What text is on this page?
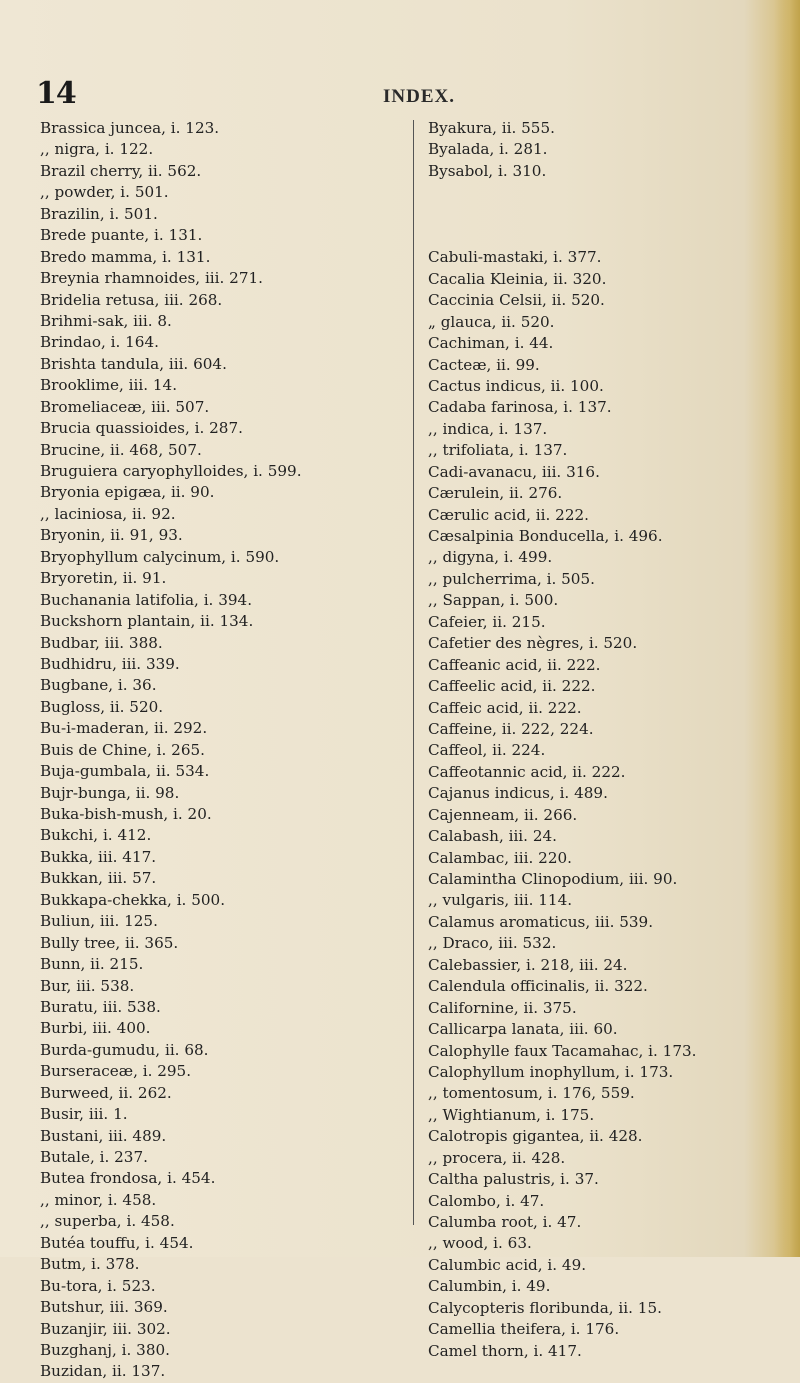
14	INDEX.
Brassica juncea, i. 123.
,, nigra, i. 122.
Brazil cherry, ii. 562.
,, powder, i. 501.
Brazilin, i. 501.
Brede puante, i. 131.
Bredo mamma, i. 131.
Breynia rhamnoides, iii. 271.
Bridelia retusa, iii. 268.
Brihmi-sak, iii. 8.
Brindao, i. 164.
Brishta tandula, iii. 604.
Brooklime, iii. 14.
Bromeliaceæ, iii. 507.
Brucia quassioides, i. 287.
Brucine, ii. 468, 507.
Bruguiera caryophylloides, i. 599.
Bryonia epigæa, ii. 90.
,, laciniosa, ii. 92.
Bryonin, ii. 91, 93.
Bryophyllum calycinum, i. 590.
Bryoretin, ii. 91.
Buchanania latifolia, i. 394.
Buckshorn plantain, ii. 134.
Budbar, iii. 388.
Budhidru, iii. 339.
Bugbane, i. 36.
Bugloss, ii. 520.
Bu-i-maderan, ii. 292.
Buis de Chine, i. 265.
Buja-gumbala, ii. 534.
Bujr-bunga, ii. 98.
Buka-bish-mush, i. 20.
Bukchi, i. 412.
Bukka, iii. 417.
Bukkan, iii. 57.
Bukkapa-chekka, i. 500.
Buliun, iii. 125.
Bully tree, ii. 365.
Bunn, ii. 215.
Bur, iii. 538.
Buratu, iii. 538.
Burbi, iii. 400.
Burda-gumudu, ii. 68.
Burseraceæ, i. 295.
Burweed, ii. 262.
Busir, iii. 1.
Bustani, iii. 489.
Butale, i. 237.
Butea frondosa, i. 454.
,, minor, i. 458.
,, superba, i. 458.
Butéa touffu, i. 454.
Butm, i. 378.
Bu-tora, i. 523.
Butshur, iii. 369.
Buzanjir, iii. 302.
Buzghanj, i. 380.
Buzidan, ii. 137.
Byakura, ii. 555.
Byalada, i. 281.
Bysabol, i. 310.
Cabuli-mastaki, i. 377.
Cacalia Kleinia, ii. 320.
Caccinia Celsii, ii. 520.
„ glauca, ii. 520.
Cachiman, i. 44.
Cacteæ, ii. 99.
Cactus indicus, ii. 100.
Cadaba farinosa, i. 137.
,, indica, i. 137.
,, trifoliata, i. 137.
Cadi-avanacu, iii. 316.
Cærulein, ii. 276.
Cærulic acid, ii. 222.
Cæsalpinia Bonducella, i. 496.
,, digyna, i. 499.
,, pulcherrima, i. 505.
,, Sappan, i. 500.
Cafeier, ii. 215.
Cafetier des nègres, i. 520.
Caffeanic acid, ii. 222.
Caffeelic acid, ii. 222.
Caffeic acid, ii. 222.
Caffeine, ii. 222, 224.
Caffeol, ii. 224.
Caffeotannic acid, ii. 222.
Cajanus indicus, i. 489.
Cajenneam, ii. 266.
Calabash, iii. 24.
Calambac, iii. 220.
Calamintha Clinopodium, iii. 90.
,, vulgaris, iii. 114.
Calamus aromaticus, iii. 539.
,, Draco, iii. 532.
Calebassier, i. 218, iii. 24.
Calendula officinalis, ii. 322.
Californine, ii. 375.
Callicarpa lanata, iii. 60.
Calophylle faux Tacamahac, i. 173.
Calophyllum inophyllum, i. 173.
,, tomentosum, i. 176, 559.
,, Wightianum, i. 175.
Calotropis gigantea, ii. 428.
,, procera, ii. 428.
Caltha palustris, i. 37.
Calombo, i. 47.
Calumba root, i. 47.
,, wood, i. 63.
Calumbic acid, i. 49.
Calumbin, i. 49.
Calycopteris floribunda, ii. 15.
Camellia theifera, i. 176.
Camel thorn, i. 417.
